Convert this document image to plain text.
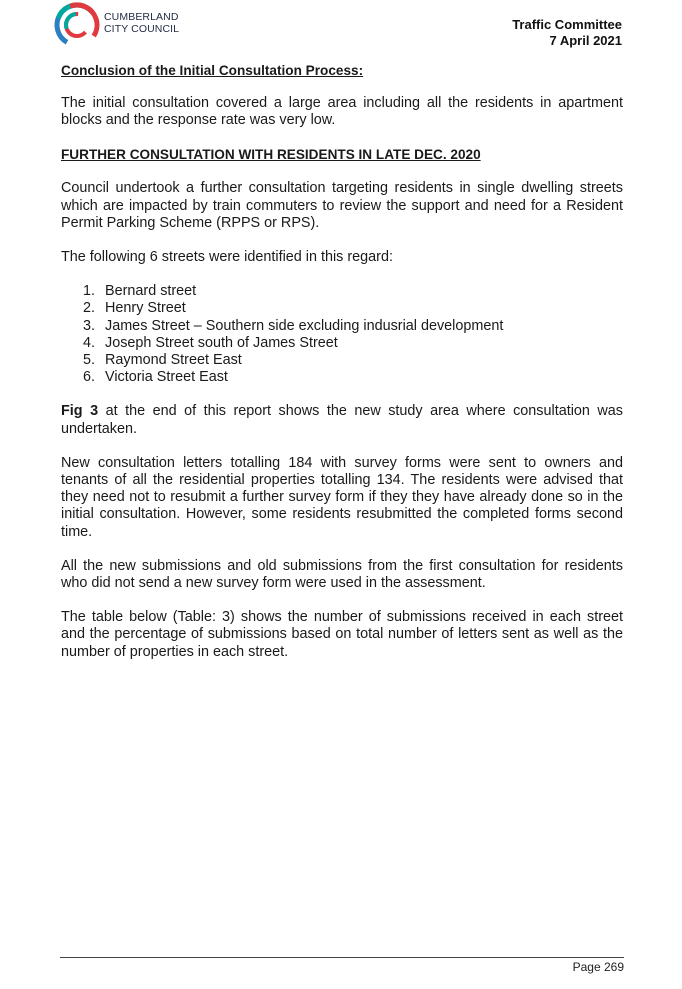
CUMBERLAND
CITY COUNCIL	Traffic Committee
7 April 2021
Conclusion of the Initial Consultation Process:

The initial consultation covered a large area including all the residents in apartment blocks and the response rate was very low.

FURTHER CONSULTATION WITH RESIDENTS IN LATE DEC. 2020

Council undertook a further consultation targeting residents in single dwelling streets which are impacted by train commuters to review the support and need for a Resident Permit Parking Scheme (RPPS or RPS).

The following 6 streets were identified in this regard:

1. Bernard street
2. Henry Street
3. James Street – Southern side excluding indusrial development
4. Joseph Street south of James Street
5. Raymond Street East
6. Victoria Street East

Fig 3 at the end of this report shows the new study area where consultation was undertaken.

New consultation letters totalling 184 with survey forms were sent to owners and tenants of all the residential properties totalling 134. The residents were advised that they need not to resubmit a further survey form if they they have already done so in the initial consultation. However, some residents resubmitted the completed forms second time.

All the new submissions and old submissions from the first consultation for residents who did not send a new survey form were used in the assessment.

The table below (Table: 3) shows the number of submissions received in each street and the percentage of submissions based on total number of letters sent as well as the number of properties in each street.

Page 269
